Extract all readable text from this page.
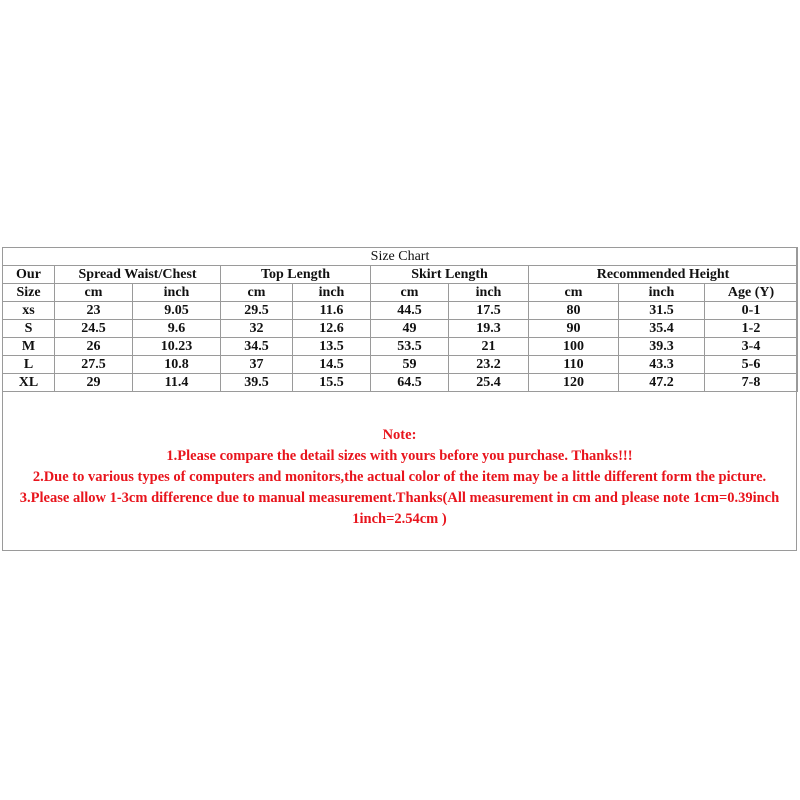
Size Chart									
Our	Spread Waist/Chest		Top Length		Skirt Length		Recommended Height		
Size	cm	inch	cm	inch	cm	inch	cm	inch	Age (Y)
xs	23	9.05	29.5	11.6	44.5	17.5	80	31.5	0-1
S	24.5	9.6	32	12.6	49	19.3	90	35.4	1-2
M	26	10.23	34.5	13.5	53.5	21	100	39.3	3-4
L	27.5	10.8	37	14.5	59	23.2	110	43.3	5-6
XL	29	11.4	39.5	15.5	64.5	25.4	120	47.2	7-8
Note:
1.Please compare the detail sizes with yours before you purchase. Thanks!!!
2.Due to various types of computers and monitors,the actual color of the item may be a little different form the picture.
3.Please allow 1-3cm difference due to manual measurement.Thanks(All measurement in cm and please note 1cm=0.39inch
1inch=2.54cm )
